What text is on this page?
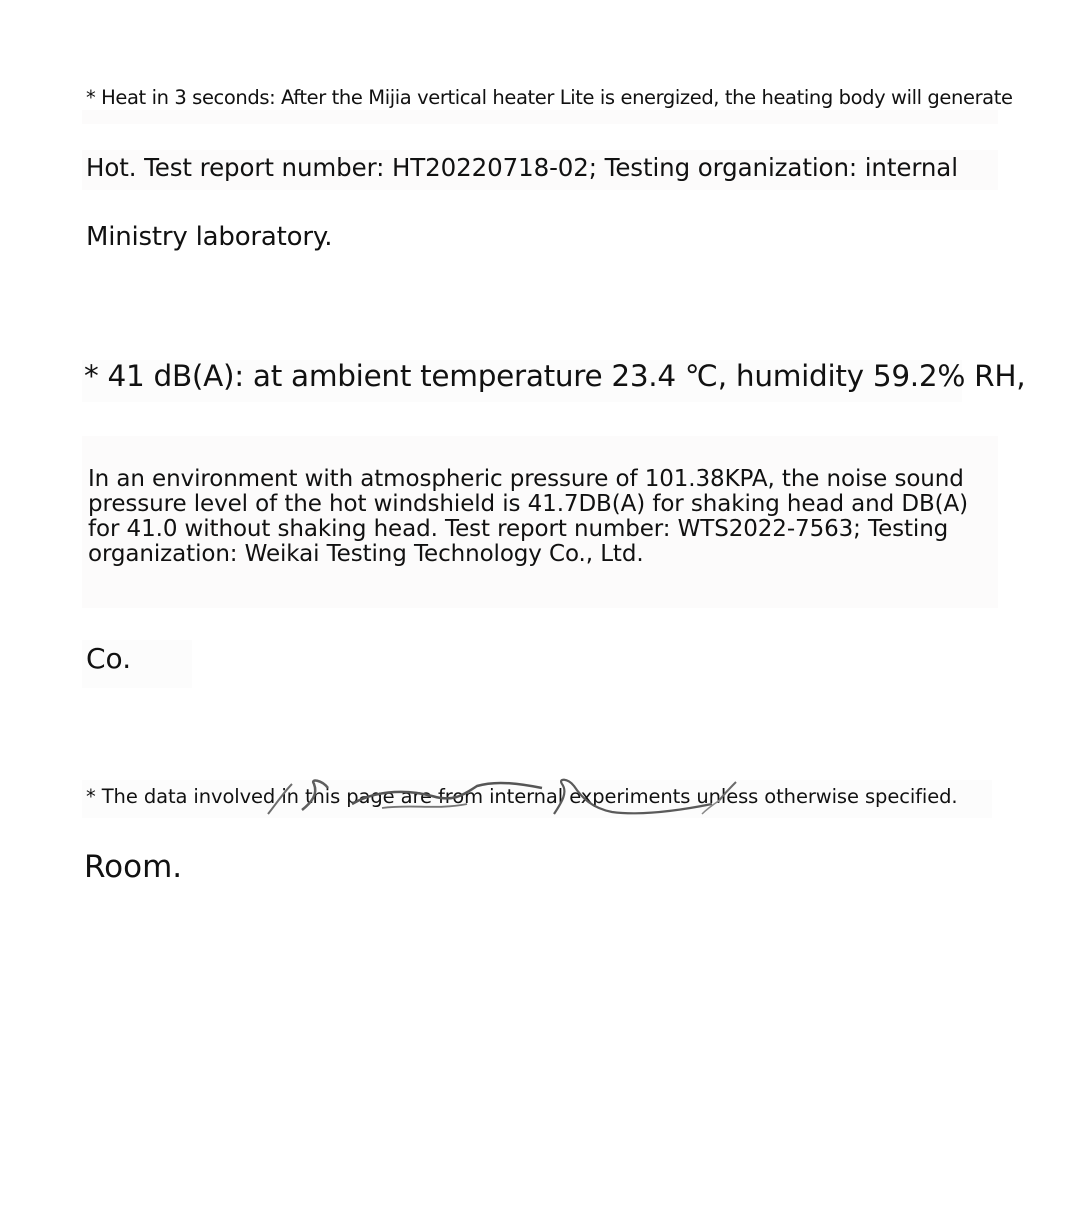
* Heat in 3 seconds: After the Mijia vertical heater Lite is energized, the heating body will generate

Hot. Test report number: HT20220718-02; Testing organization: internal

Ministry laboratory.

* 41 dB(A): at ambient temperature 23.4 ℃, humidity 59.2% RH,

In an environment with atmospheric pressure of 101.38KPA, the noise sound pressure level of the hot windshield is 41.7DB(A) for shaking head and DB(A) for 41.0 without shaking head. Test report number: WTS2022-7563; Testing organization: Weikai Testing Technology Co., Ltd.

Co.

* The data involved in this page are from internal experiments unless otherwise specified.

Room.
